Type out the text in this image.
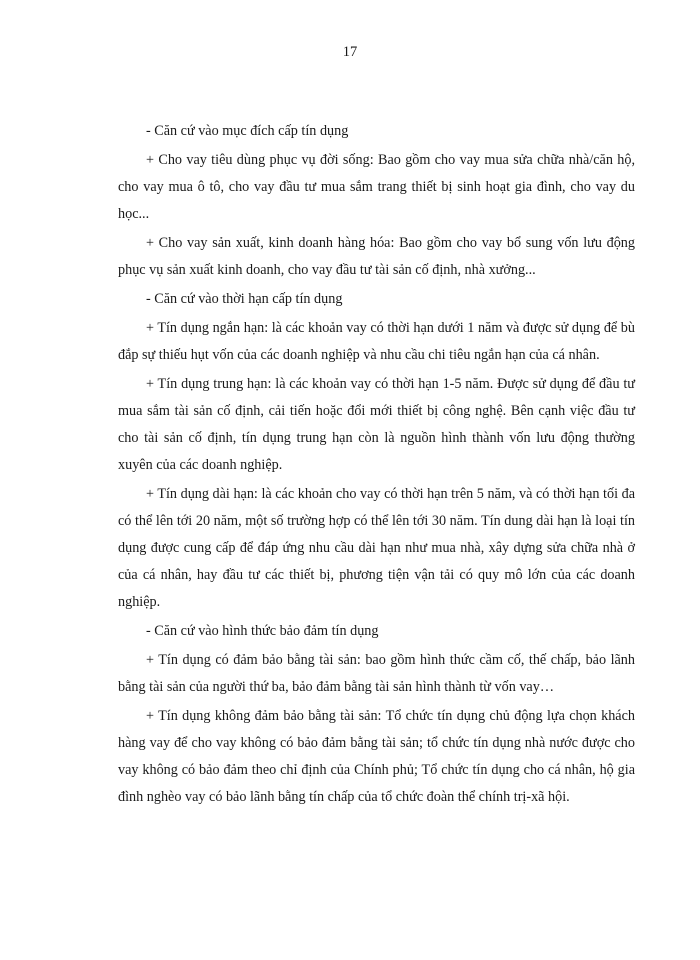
17

- Căn cứ vào mục đích cấp tín dụng

+ Cho vay tiêu dùng phục vụ đời sống: Bao gồm cho vay mua sửa chữa nhà/căn hộ, cho vay mua ô tô, cho vay đầu tư mua sắm trang thiết bị sinh hoạt gia đình, cho vay du học...

+ Cho vay sản xuất, kinh doanh hàng hóa: Bao gồm cho vay bổ sung vốn lưu động phục vụ sản xuất kinh doanh, cho vay đầu tư tài sản cố định, nhà xưởng...

- Căn cứ vào thời hạn cấp tín dụng

+ Tín dụng ngắn hạn: là các khoản vay có thời hạn dưới 1 năm và được sử dụng để bù đắp sự thiếu hụt vốn của các doanh nghiệp và nhu cầu chi tiêu ngắn hạn của cá nhân.

+ Tín dụng trung hạn: là các khoản vay có thời hạn 1-5 năm. Được sử dụng để đầu tư mua sắm tài sản cố định, cải tiến hoặc đổi mới thiết bị công nghệ. Bên cạnh việc đầu tư cho tài sản cố định, tín dụng trung hạn còn là nguồn hình thành vốn lưu động thường xuyên của các doanh nghiệp.

+ Tín dụng dài hạn: là các khoản cho vay có thời hạn trên 5 năm, và có thời hạn tối đa có thể lên tới 20 năm, một số trường hợp có thể lên tới 30 năm. Tín dung dài hạn là loại tín dụng được cung cấp để đáp ứng nhu cầu dài hạn như mua nhà, xây dựng sửa chữa nhà ở của cá nhân, hay đầu tư các thiết bị, phương tiện vận tải có quy mô lớn của các doanh nghiệp.

- Căn cứ vào hình thức bảo đảm tín dụng

+ Tín dụng có đảm bảo bằng tài sản: bao gồm hình thức cầm cố, thế chấp, bảo lãnh bằng tài sản của người thứ ba, bảo đảm bằng tài sản hình thành từ vốn vay…

+ Tín dụng không đảm bảo bằng tài sản: Tổ chức tín dụng chủ động lựa chọn khách hàng vay để cho vay không có bảo đảm bằng tài sản; tổ chức tín dụng nhà nước được cho vay không có bảo đảm theo chỉ định của Chính phủ; Tổ chức tín dụng cho cá nhân, hộ gia đình nghèo vay có bảo lãnh bằng tín chấp của tổ chức đoàn thể chính trị-xã hội.
